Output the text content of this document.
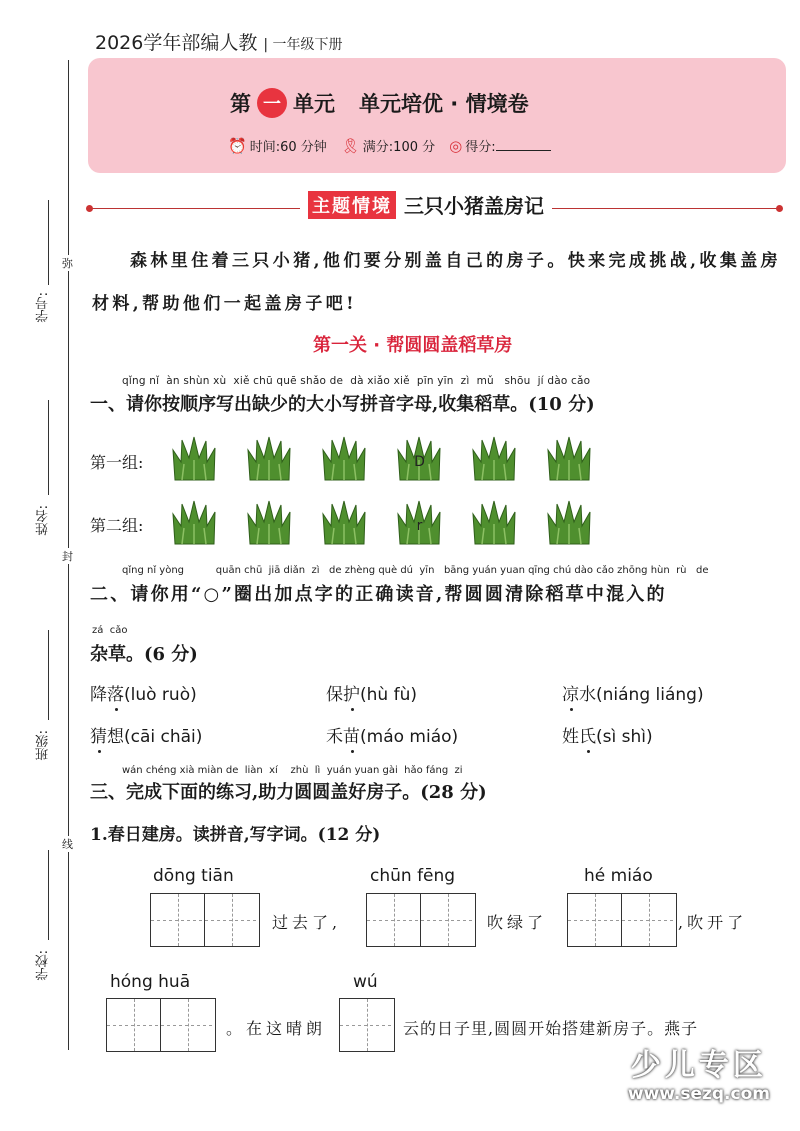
2026学年部编人教 | 一年级下册
第 一 单元 单元培优 · 情境卷
⏰ 时间:60 分钟 🎗 满分:100 分 ◎ 得分:
主题情境 三只小猪盖房记
森林里住着三只小猪,他们要分别盖自己的房子。快来完成挑战,收集盖房材料,帮助他们一起盖房子吧!
第一关 · 帮圆圆盖稻草房
qǐng nǐ  àn shùn xù  xiě chū quē shǎo de  dà xiǎo xiě  pīn yīn  zì  mǔ   shōu  jí dào cǎo
一、请你按顺序写出缺少的大小写拼音字母,收集稻草。(10 分)
第一组:	D
第二组:	r
qǐng nǐ yòng          quān chū  jiā diǎn  zì   de zhèng què dú  yīn   bāng yuán yuan qīng chú dào cǎo zhōng hùn  rù   de
二、请你用“○”圈出加点字的正确读音,帮圆圆清除稻草中混入的
zá  cǎo
杂草。(6 分)
降落(luò ruò)	保护(hù fù)	凉水(niáng liáng)
猜想(cāi chāi)	禾苗(máo miáo)	姓氏(sì shì)
wán chéng xià miàn de  liàn  xí    zhù  lì  yuán yuan gài  hǎo fáng  zi
三、完成下面的练习,助力圆圆盖好房子。(28 分)
1.春日建房。读拼音,写字词。(12 分)
dōng tiān
过去了,
chūn fēng
吹绿了
hé miáo
,吹开了
hóng huā
。在这晴朗
wú
云的日子里,圆圆开始搭建新房子。燕子
弥
封
线
学号:
姓名:
班级:
学校:
少儿专区
www.sezq.com
